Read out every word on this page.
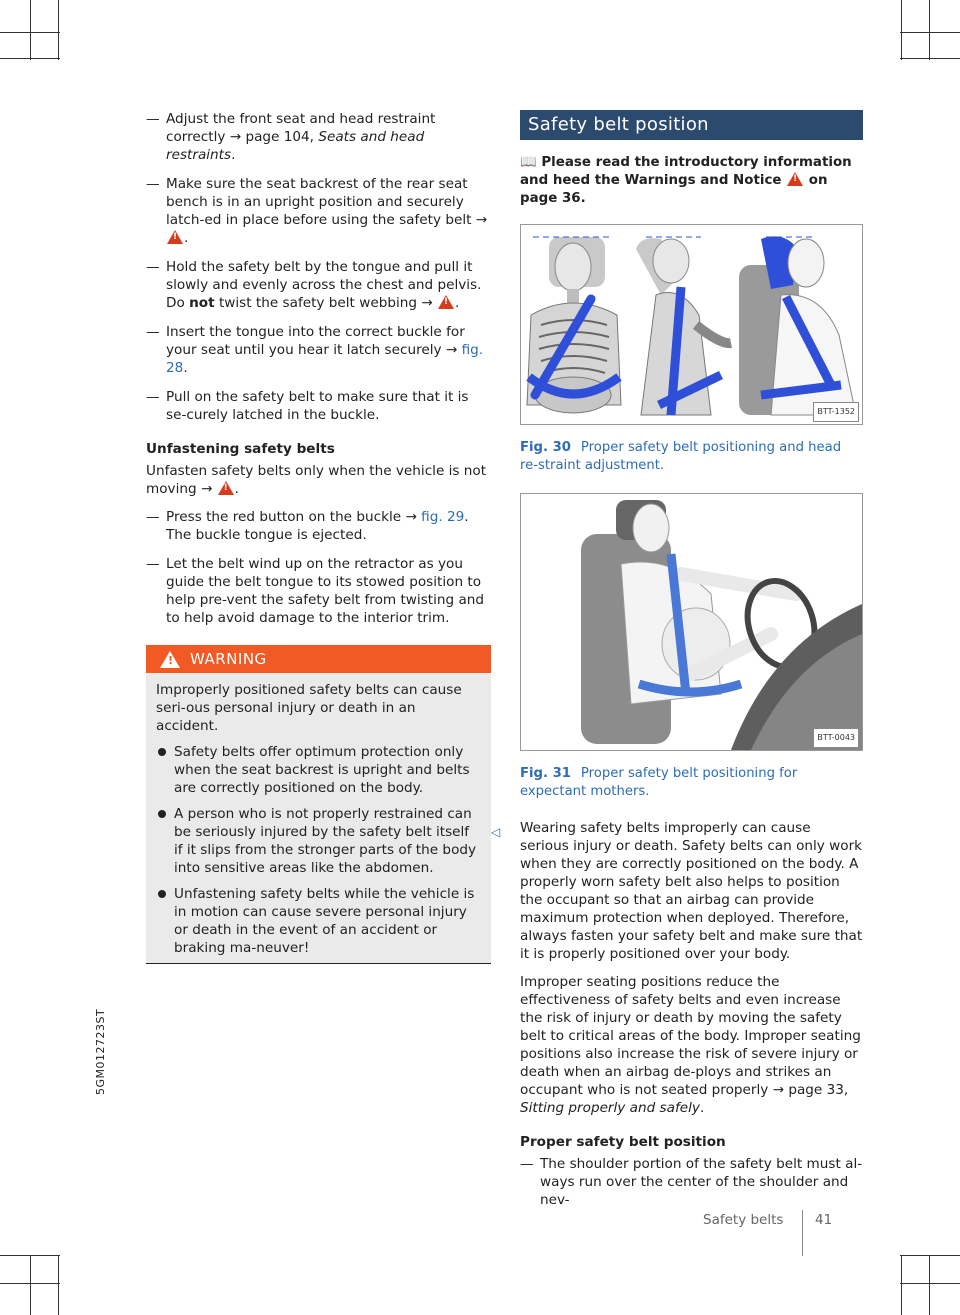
— Adjust the front seat and head restraint correctly → page 104, Seats and head restraints.
— Make sure the seat backrest of the rear seat bench is in an upright position and securely latch-ed in place before using the safety belt → !.
— Hold the safety belt by the tongue and pull it slowly and evenly across the chest and pelvis. Do not twist the safety belt webbing → ! .
— Insert the tongue into the correct buckle for your seat until you hear it latch securely → fig. 28.
— Pull on the safety belt to make sure that it is se-curely latched in the buckle.
Unfastening safety belts

Unfasten safety belts only when the vehicle is not moving → ! .

— Press the red button on the buckle → fig. 29. The buckle tongue is ejected.
— Let the belt wind up on the retractor as you guide the belt tongue to its stowed position to help pre-vent the safety belt from twisting and to help avoid damage to the interior trim.
!
WARNING
Improperly positioned safety belts can cause seri-ous personal injury or death in an accident.
Safety belts offer optimum protection only when the seat backrest is upright and belts are correctly positioned on the body.
A person who is not properly restrained can be seriously injured by the safety belt itself if it slips from the stronger parts of the body into sensitive areas like the abdomen.
Unfastening safety belts while the vehicle is in motion can cause severe personal injury or death in the event of an accident or braking ma-neuver!
◁
Safety belt position

📖 Please read the introductory information and heed the Warnings and Notice ! on page 36.

BTT-1352
Fig. 30 Proper safety belt positioning and head re-straint adjustment.
BTT-0043
Fig. 31 Proper safety belt positioning for expectant mothers.

Wearing safety belts improperly can cause serious injury or death. Safety belts can only work when they are correctly positioned on the body. A properly worn safety belt also helps to position the occupant so that an airbag can provide maximum protection when deployed. Therefore, always fasten your safety belt and make sure that it is properly positioned over your body.

Improper seating positions reduce the effectiveness of safety belts and even increase the risk of injury or death by moving the safety belt to critical areas of the body. Improper seating positions also increase the risk of severe injury or death when an airbag de-ploys and strikes an occupant who is not seated properly → page 33, Sitting properly and safely.

Proper safety belt position
— The shoulder portion of the safety belt must al-ways run over the center of the shoulder and nev-
5GM012723ST
Safety belts 41
